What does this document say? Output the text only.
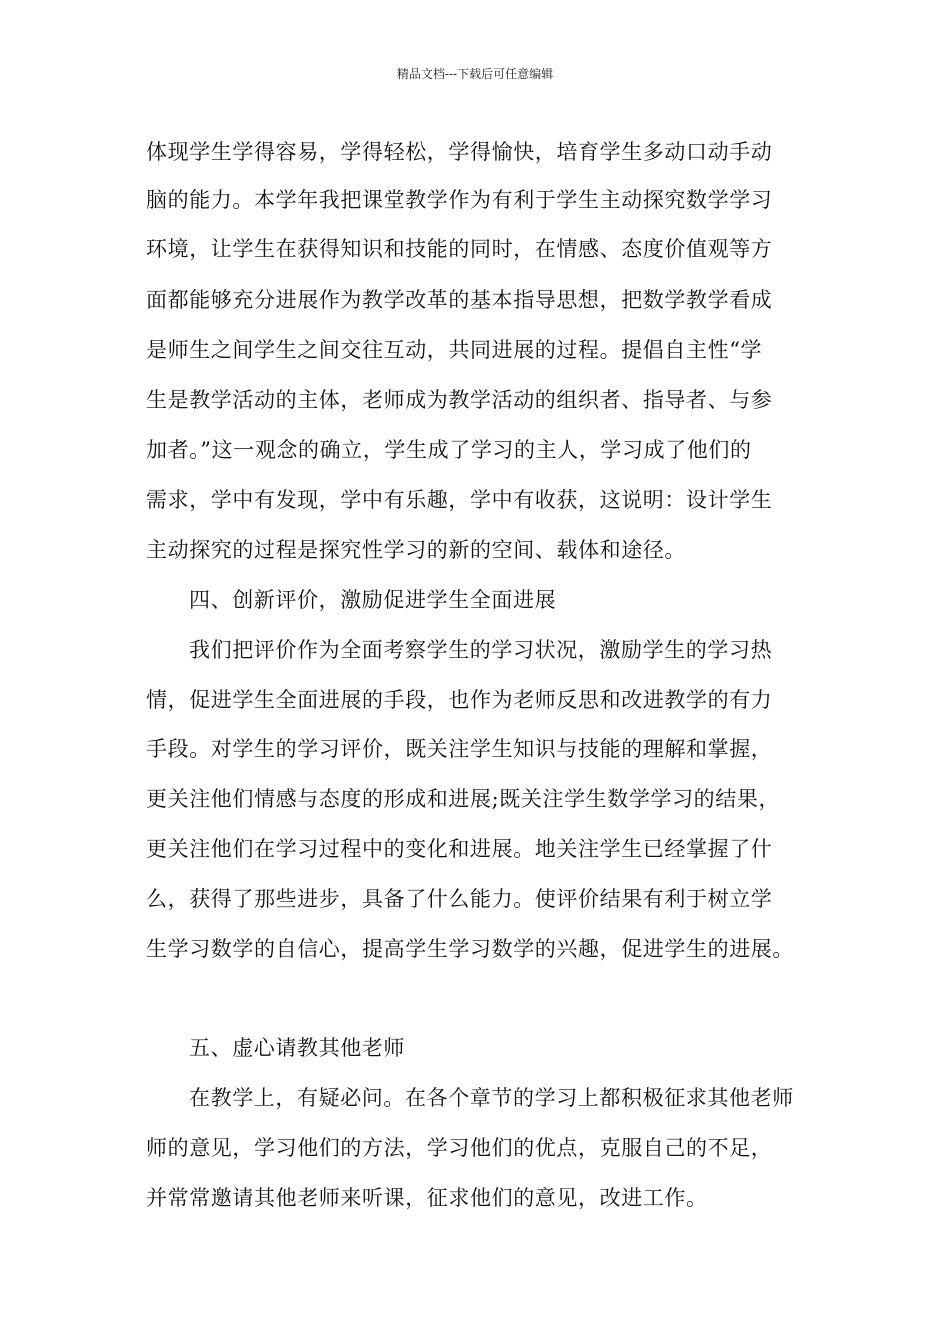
精品文档---下载后可任意编辑
体现学生学得容易，学得轻松，学得愉快，培育学生多动口动手动
脑的能力。本学年我把课堂教学作为有利于学生主动探究数学学习
环境，让学生在获得知识和技能的同时，在情感、态度价值观等方
面都能够充分进展作为教学改革的基本指导思想，把数学教学看成
是师生之间学生之间交往互动，共同进展的过程。提倡自主性“学
生是教学活动的主体，老师成为教学活动的组织者、指导者、与参
加者。”这一观念的确立，学生成了学习的主人，学习成了他们的
需求，学中有发现，学中有乐趣，学中有收获，这说明：设计学生
主动探究的过程是探究性学习的新的空间、载体和途径。
四、创新评价，激励促进学生全面进展
我们把评价作为全面考察学生的学习状况，激励学生的学习热
情，促进学生全面进展的手段，也作为老师反思和改进教学的有力
手段。对学生的学习评价，既关注学生知识与技能的理解和掌握，
更关注他们情感与态度的形成和进展;既关注学生数学学习的结果，
更关注他们在学习过程中的变化和进展。地关注学生已经掌握了什
么，获得了那些进步，具备了什么能力。使评价结果有利于树立学
生学习数学的自信心，提高学生学习数学的兴趣，促进学生的进展。
五、虚心请教其他老师
在教学上，有疑必问。在各个章节的学习上都积极征求其他老师
师的意见，学习他们的方法，学习他们的优点，克服自己的不足，
并常常邀请其他老师来听课，征求他们的意见，改进工作。
